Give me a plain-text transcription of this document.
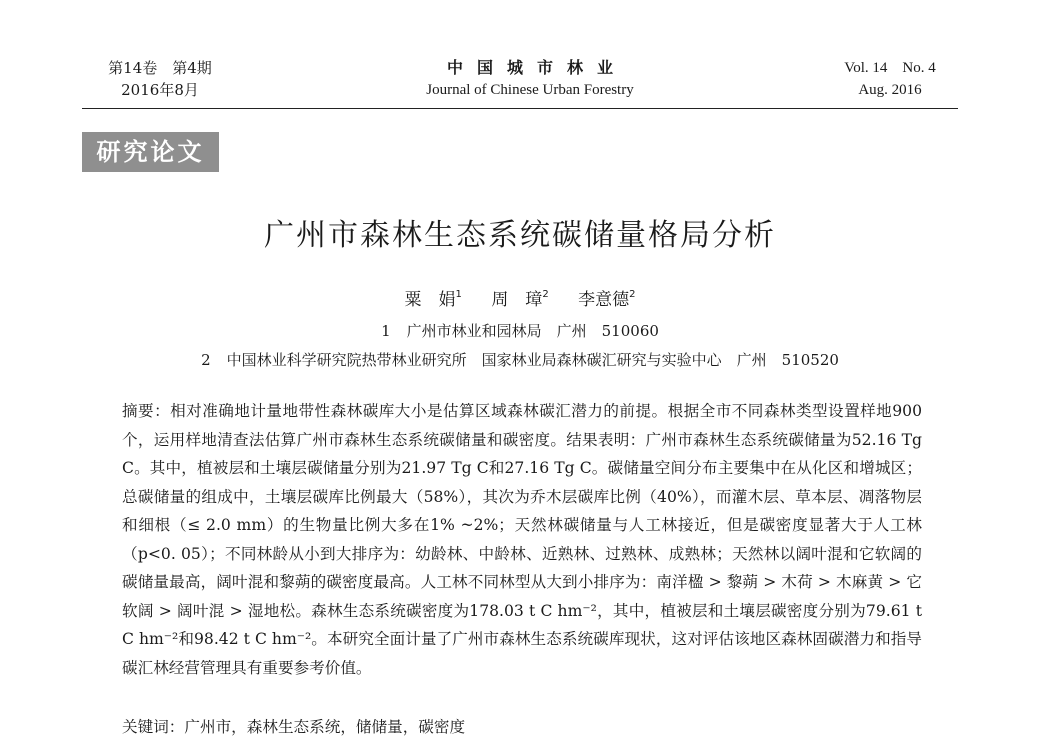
第14卷　第4期
2016年8月
中国城市林业
Journal of Chinese Urban Forestry
Vol. 14　No. 4
Aug. 2016
研究论文
广州市森林生态系统碳储量格局分析
粟　娟$^1$ 周　璋$^2$ 李意德$^2$
1 广州市林业和园林局　广州　510060
2 中国林业科学研究院热带林业研究所　国家林业局森林碳汇研究与实验中心　广州　510520
摘要：相对准确地计量地带性森林碳库大小是估算区域森林碳汇潜力的前提。根据全市不同森林类型设置样地900个，运用样地清查法估算广州市森林生态系统碳储量和碳密度。结果表明：广州市森林生态系统碳储量为52.16 Tg C。其中，植被层和土壤层碳储量分别为21.97 Tg C和27.16 Tg C。碳储量空间分布主要集中在从化区和增城区；总碳储量的组成中，土壤层碳库比例最大（58%），其次为乔木层碳库比例（40%），而灌木层、草本层、凋落物层和细根（≤ 2.0 mm）的生物量比例大多在1% ~2%；天然林碳储量与人工林接近，但是碳密度显著大于人工林（p<0. 05）；不同林龄从小到大排序为：幼龄林、中龄林、近熟林、过熟林、成熟林；天然林以阔叶混和它软阔的碳储量最高，阔叶混和黎蒴的碳密度最高。人工林不同林型从大到小排序为：南洋楹 > 黎蒴 > 木荷 > 木麻黄 > 它软阔 > 阔叶混 > 湿地松。森林生态系统碳密度为178.03 t C hm⁻²，其中，植被层和土壤层碳密度分别为79.61 t C hm⁻²和98.42 t C hm⁻²。本研究全面计量了广州市森林生态系统碳库现状，这对评估该地区森林固碳潜力和指导碳汇林经营管理具有重要参考价值。
关键词：广州市，森林生态系统，储储量，碳密度
